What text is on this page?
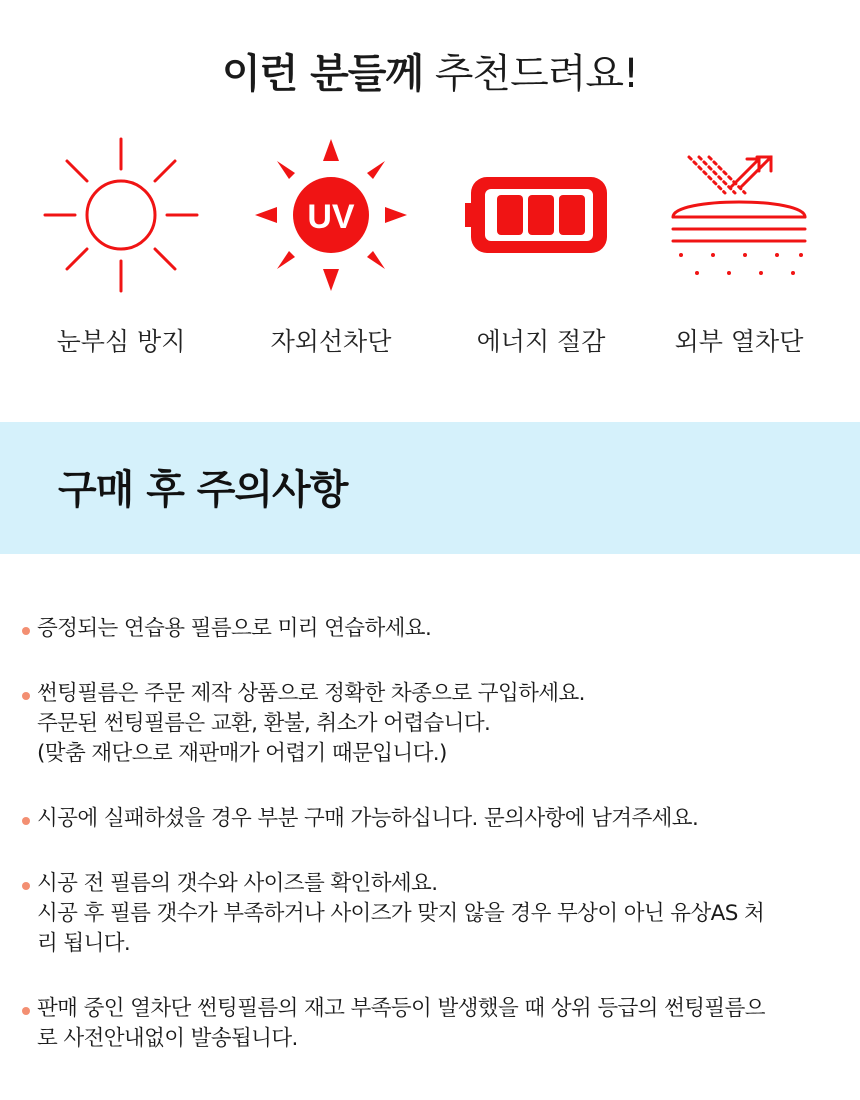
이런 분들께 추천드려요!
눈부심 방지
UV
자외선차단	에너지 절감	외부 열차단
구매 후 주의사항
증정되는 연습용 필름으로 미리 연습하세요.
썬팅필름은 주문 제작 상품으로 정확한 차종으로 구입하세요.
주문된 썬팅필름은 교환, 환불, 취소가 어렵습니다.
(맞춤 재단으로 재판매가 어렵기 때문입니다.)
시공에 실패하셨을 경우 부분 구매 가능하십니다. 문의사항에 남겨주세요.
시공 전 필름의 갯수와 사이즈를 확인하세요.
시공 후 필름 갯수가 부족하거나 사이즈가 맞지 않을 경우 무상이 아닌 유상AS 처
리 됩니다.
판매 중인 열차단 썬팅필름의 재고 부족등이 발생했을 때 상위 등급의 썬팅필름으
로 사전안내없이 발송됩니다.
